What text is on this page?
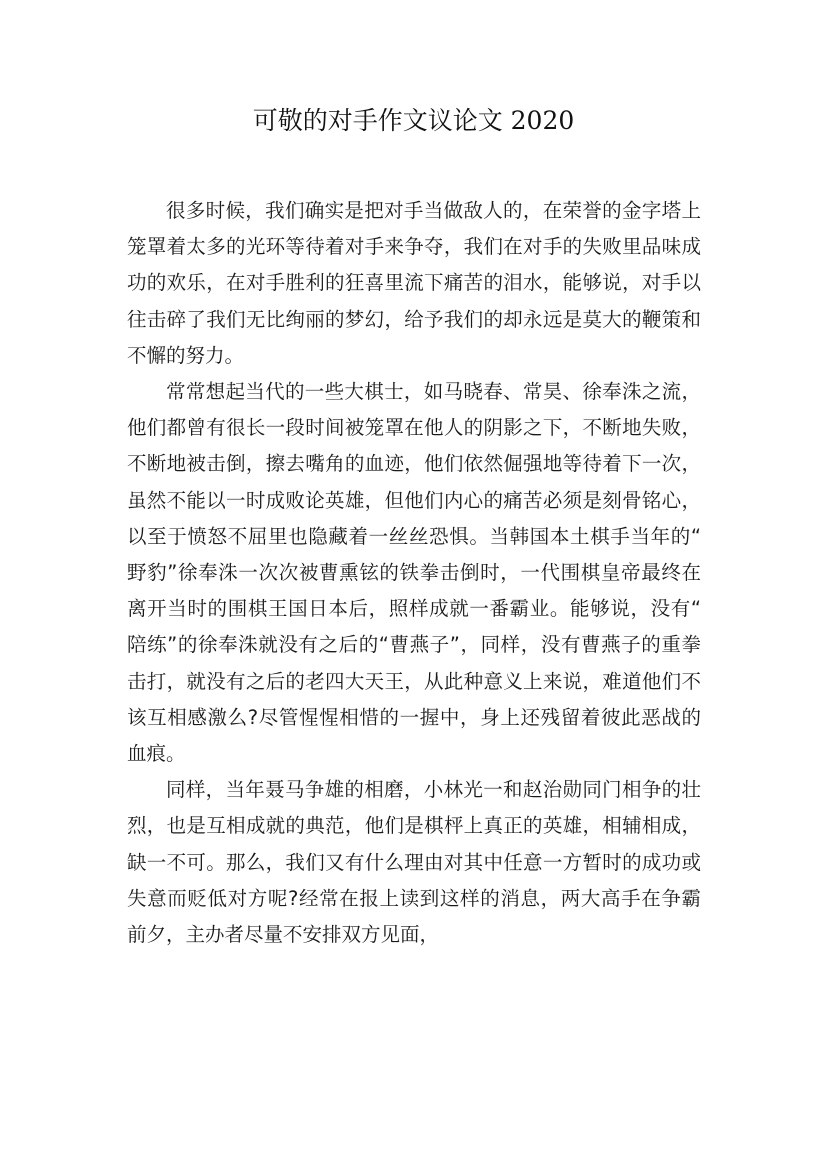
可敬的对手作文议论文 2020

很多时候，我们确实是把对手当做敌人的，在荣誉的金字塔上笼罩着太多的光环等待着对手来争夺，我们在对手的失败里品味成功的欢乐，在对手胜利的狂喜里流下痛苦的泪水，能够说，对手以往击碎了我们无比绚丽的梦幻，给予我们的却永远是莫大的鞭策和不懈的努力。

常常想起当代的一些大棋士，如马晓春、常昊、徐奉洙之流，他们都曾有很长一段时间被笼罩在他人的阴影之下，不断地失败，不断地被击倒，擦去嘴角的血迹，他们依然倔强地等待着下一次，虽然不能以一时成败论英雄，但他们内心的痛苦必须是刻骨铭心，以至于愤怒不屈里也隐藏着一丝丝恐惧。当韩国本土棋手当年的“野豹”徐奉洙一次次被曹熏铉的铁拳击倒时，一代围棋皇帝最终在离开当时的围棋王国日本后，照样成就一番霸业。能够说，没有“陪练”的徐奉洙就没有之后的“曹燕子”，同样，没有曹燕子的重拳击打，就没有之后的老四大天王，从此种意义上来说，难道他们不该互相感激么?尽管惺惺相惜的一握中，身上还残留着彼此恶战的血痕。

同样，当年聂马争雄的相磨，小林光一和赵治勋同门相争的壮烈，也是互相成就的典范，他们是棋枰上真正的英雄，相辅相成，缺一不可。那么，我们又有什么理由对其中任意一方暂时的成功或失意而贬低对方呢?经常在报上读到这样的消息，两大高手在争霸前夕，主办者尽量不安排双方见面，
